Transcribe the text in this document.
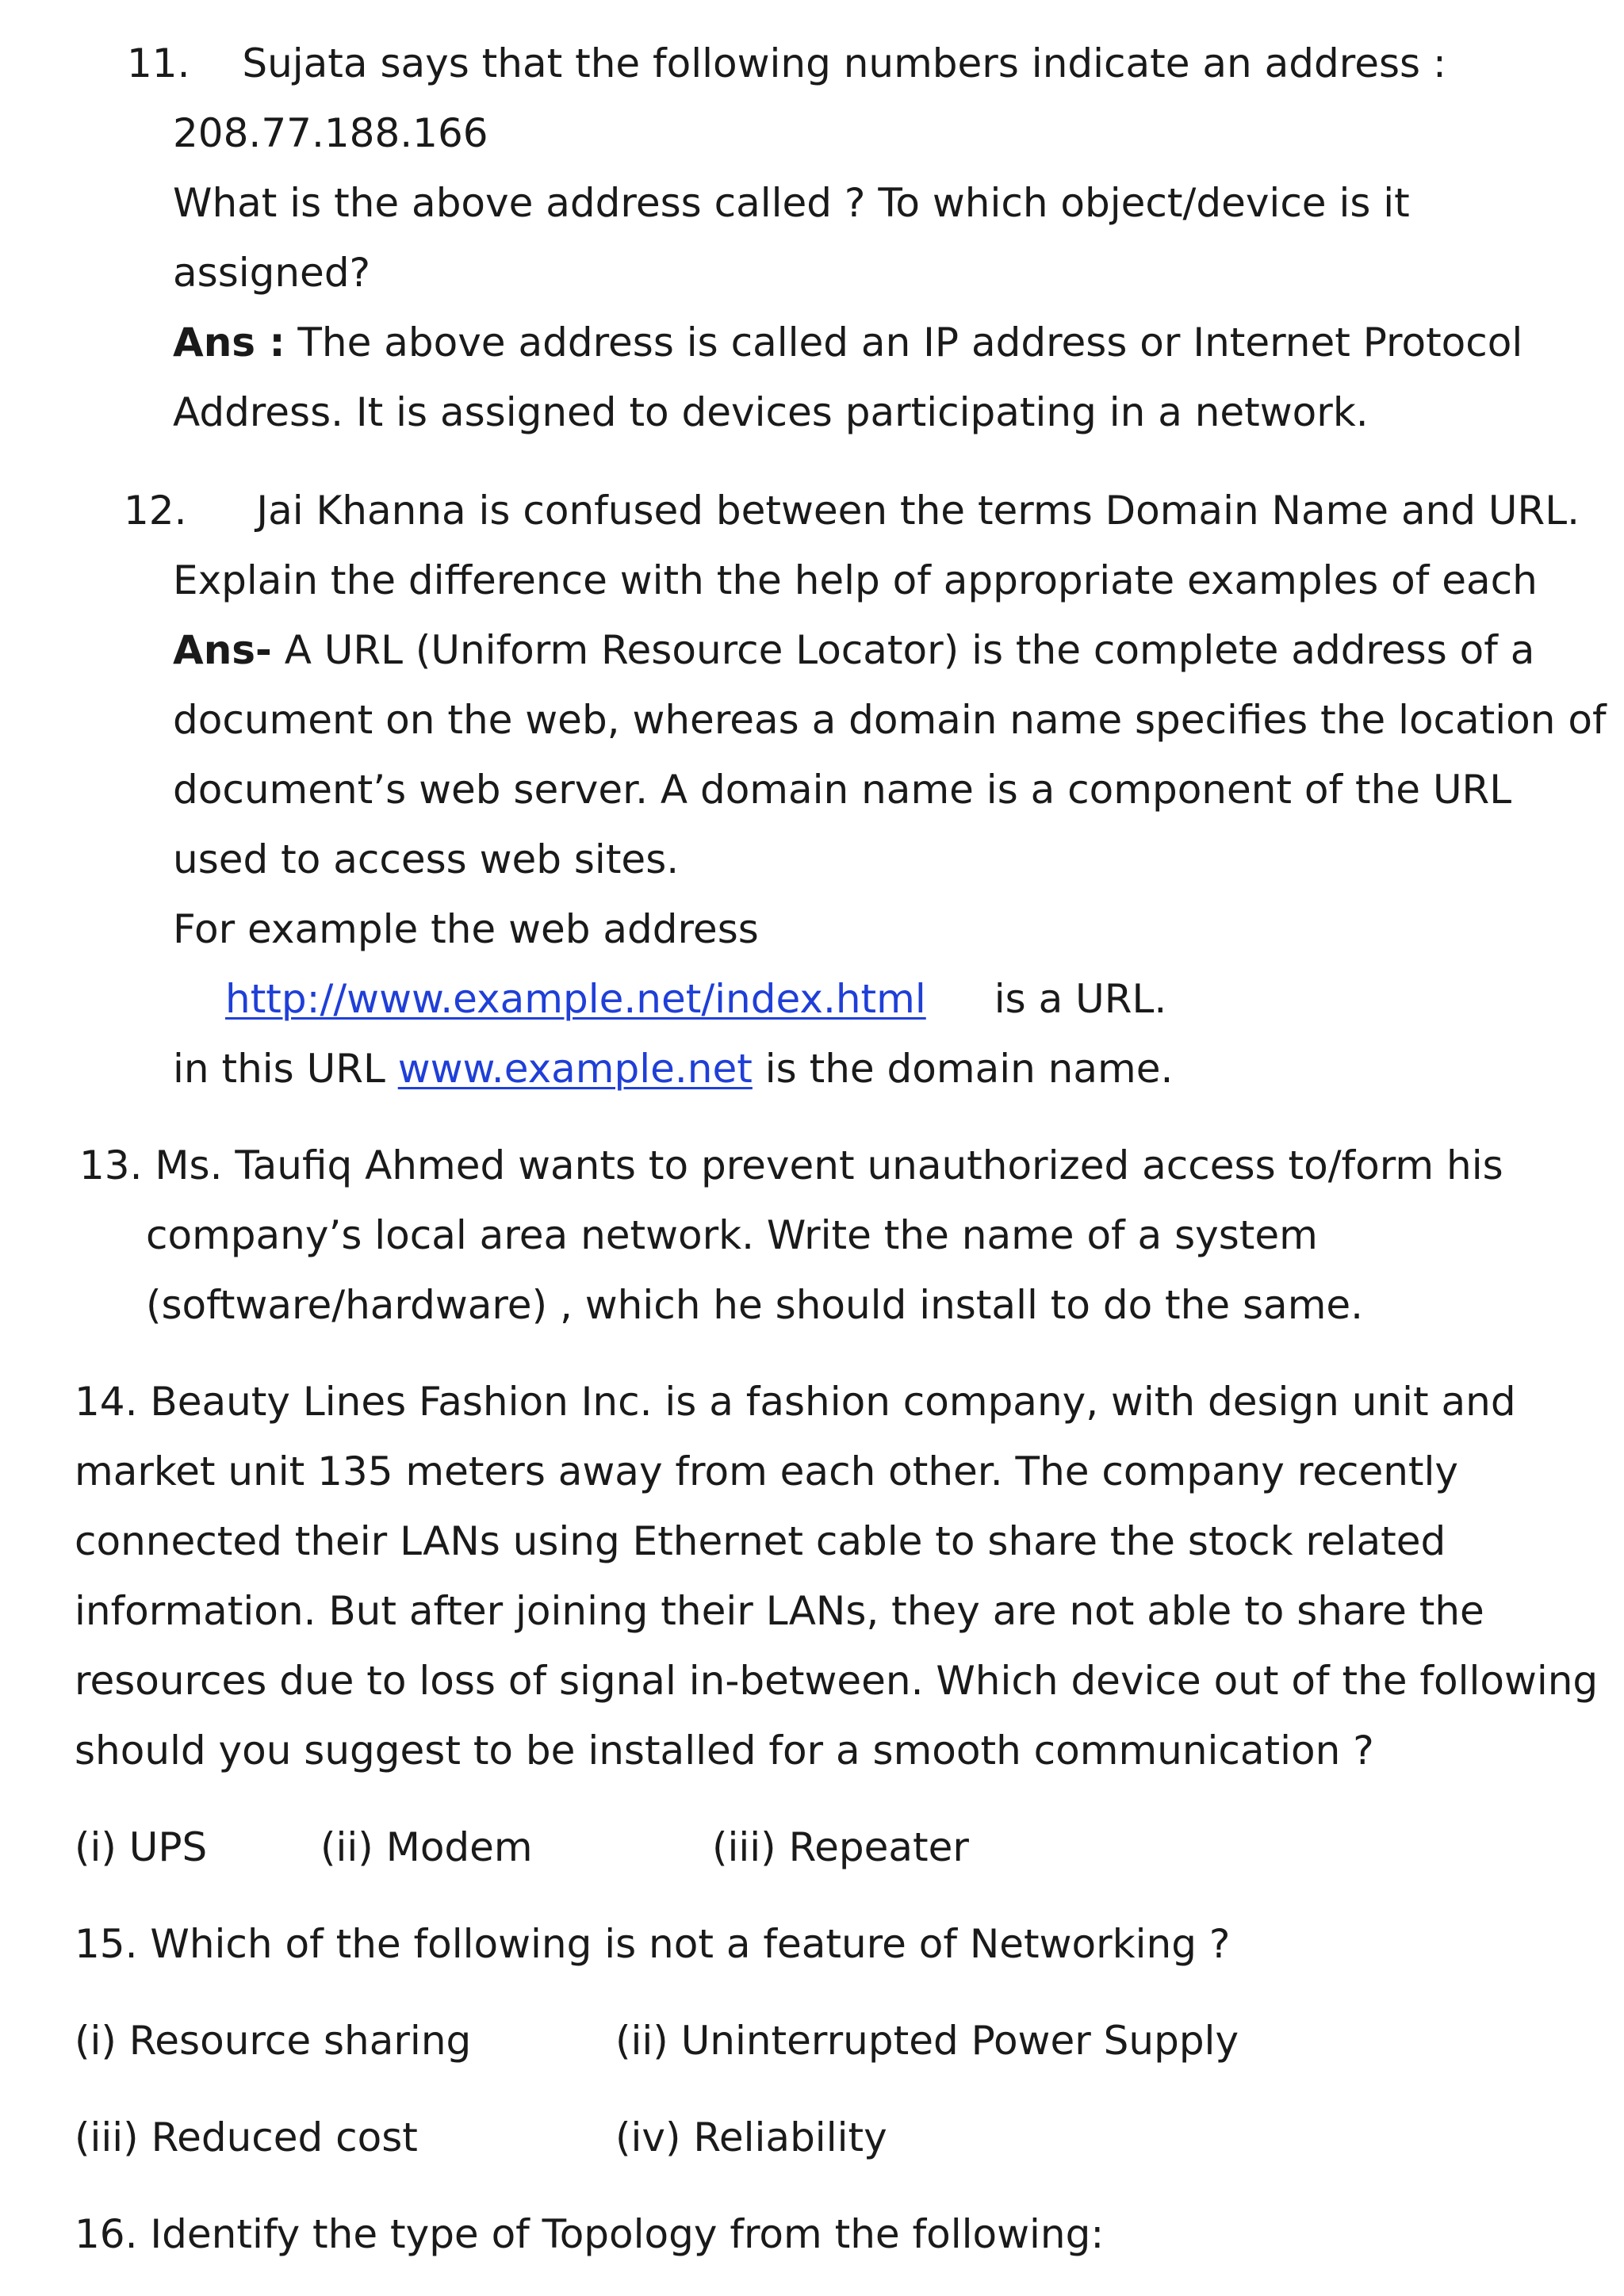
11. Sujata says that the following numbers indicate an address :
208.77.188.166
What is the above address called ? To which object/device is it
assigned?
Ans : The above address is called an IP address or Internet Protocol
Address. It is assigned to devices participating in a network.
12. Jai Khanna is confused between the terms Domain Name and URL.
Explain the difference with the help of appropriate examples of each
Ans- A URL (Uniform Resource Locator) is the complete address of a
document on the web, whereas a domain name specifies the location of
document’s web server. A domain name is a component of the URL
used to access web sites.
For example the web address
http://www.example.net/index.html is a URL.
in this URL www.example.net is the domain name.
13. Ms. Taufiq Ahmed wants to prevent unauthorized access to/form his
company’s local area network. Write the name of a system
(software/hardware) , which he should install to do the same.
14. Beauty Lines Fashion Inc. is a fashion company, with design unit and
market unit 135 meters away from each other. The company recently
connected their LANs using Ethernet cable to share the stock related
information. But after joining their LANs, they are not able to share the
resources due to loss of signal in-between. Which device out of the following
should you suggest to be installed for a smooth communication ?
(i) UPS	(ii) Modem	(iii) Repeater
15. Which of the following is not a feature of Networking ?
(i) Resource sharing	(ii) Uninterrupted Power Supply
(iii) Reduced cost	(iv) Reliability
16. Identify the type of Topology from the following:
